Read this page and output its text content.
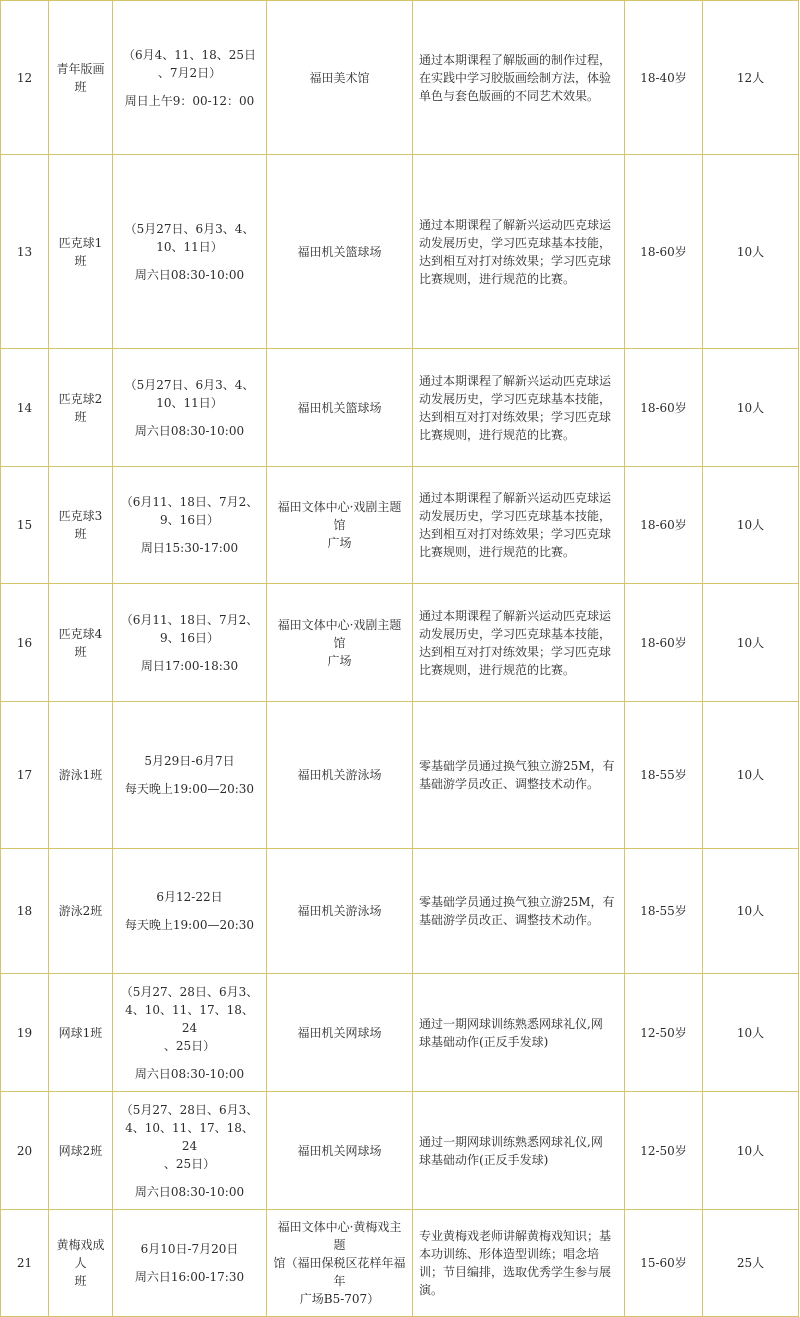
12	青年版画班	（6月4、11、18、25日
、7月2日）
周日上午9：00-12：00	福田美术馆	通过本期课程了解版画的制作过程，
在实践中学习胶版画绘制方法，体验
单色与套色版画的不同艺术效果。	18-40岁	12人
13	匹克球1班	（5月27日、6月3、4、
10、11日）
周六日08:30-10:00	福田机关篮球场	通过本期课程了解新兴运动匹克球运
动发展历史，学习匹克球基本技能，
达到相互对打对练效果；学习匹克球
比赛规则，进行规范的比赛。	18-60岁	10人
14	匹克球2班	（5月27日、6月3、4、
10、11日）
周六日08:30-10:00	福田机关篮球场	通过本期课程了解新兴运动匹克球运
动发展历史，学习匹克球基本技能，
达到相互对打对练效果；学习匹克球
比赛规则，进行规范的比赛。	18-60岁	10人
15	匹克球3班	（6月11、18日、7月2、
9、16日）
周日15:30-17:00	福田文体中心·戏剧主题馆
广场	通过本期课程了解新兴运动匹克球运
动发展历史，学习匹克球基本技能，
达到相互对打对练效果；学习匹克球
比赛规则，进行规范的比赛。	18-60岁	10人
16	匹克球4班	（6月11、18日、7月2、
9、16日）
周日17:00-18:30	福田文体中心·戏剧主题馆
广场	通过本期课程了解新兴运动匹克球运
动发展历史，学习匹克球基本技能，
达到相互对打对练效果；学习匹克球
比赛规则，进行规范的比赛。	18-60岁	10人
17	游泳1班	5月29日-6月7日
每天晚上19:00—20:30	福田机关游泳场	零基础学员通过换气独立游25M，有
基础游学员改正、调整技术动作。	18-55岁	10人
18	游泳2班	6月12-22日
每天晚上19:00—20:30	福田机关游泳场	零基础学员通过换气独立游25M，有
基础游学员改正、调整技术动作。	18-55岁	10人
19	网球1班	（5月27、28日、6月3、
4、10、11、17、18、24
、25日）
周六日08:30-10:00	福田机关网球场	通过一期网球训练熟悉网球礼仪,网
球基础动作(正反手发球)	12-50岁	10人
20	网球2班	（5月27、28日、6月3、
4、10、11、17、18、24
、25日）
周六日08:30-10:00	福田机关网球场	通过一期网球训练熟悉网球礼仪,网
球基础动作(正反手发球)	12-50岁	10人
21	黄梅戏成人
班	6月10日-7月20日
周六日16:00-17:30	福田文体中心·黄梅戏主题
馆（福田保税区花样年福年
广场B5-707）	专业黄梅戏老师讲解黄梅戏知识；基
本功训练、形体造型训练；唱念培
训；节目编排，选取优秀学生参与展
演。	15-60岁	25人
